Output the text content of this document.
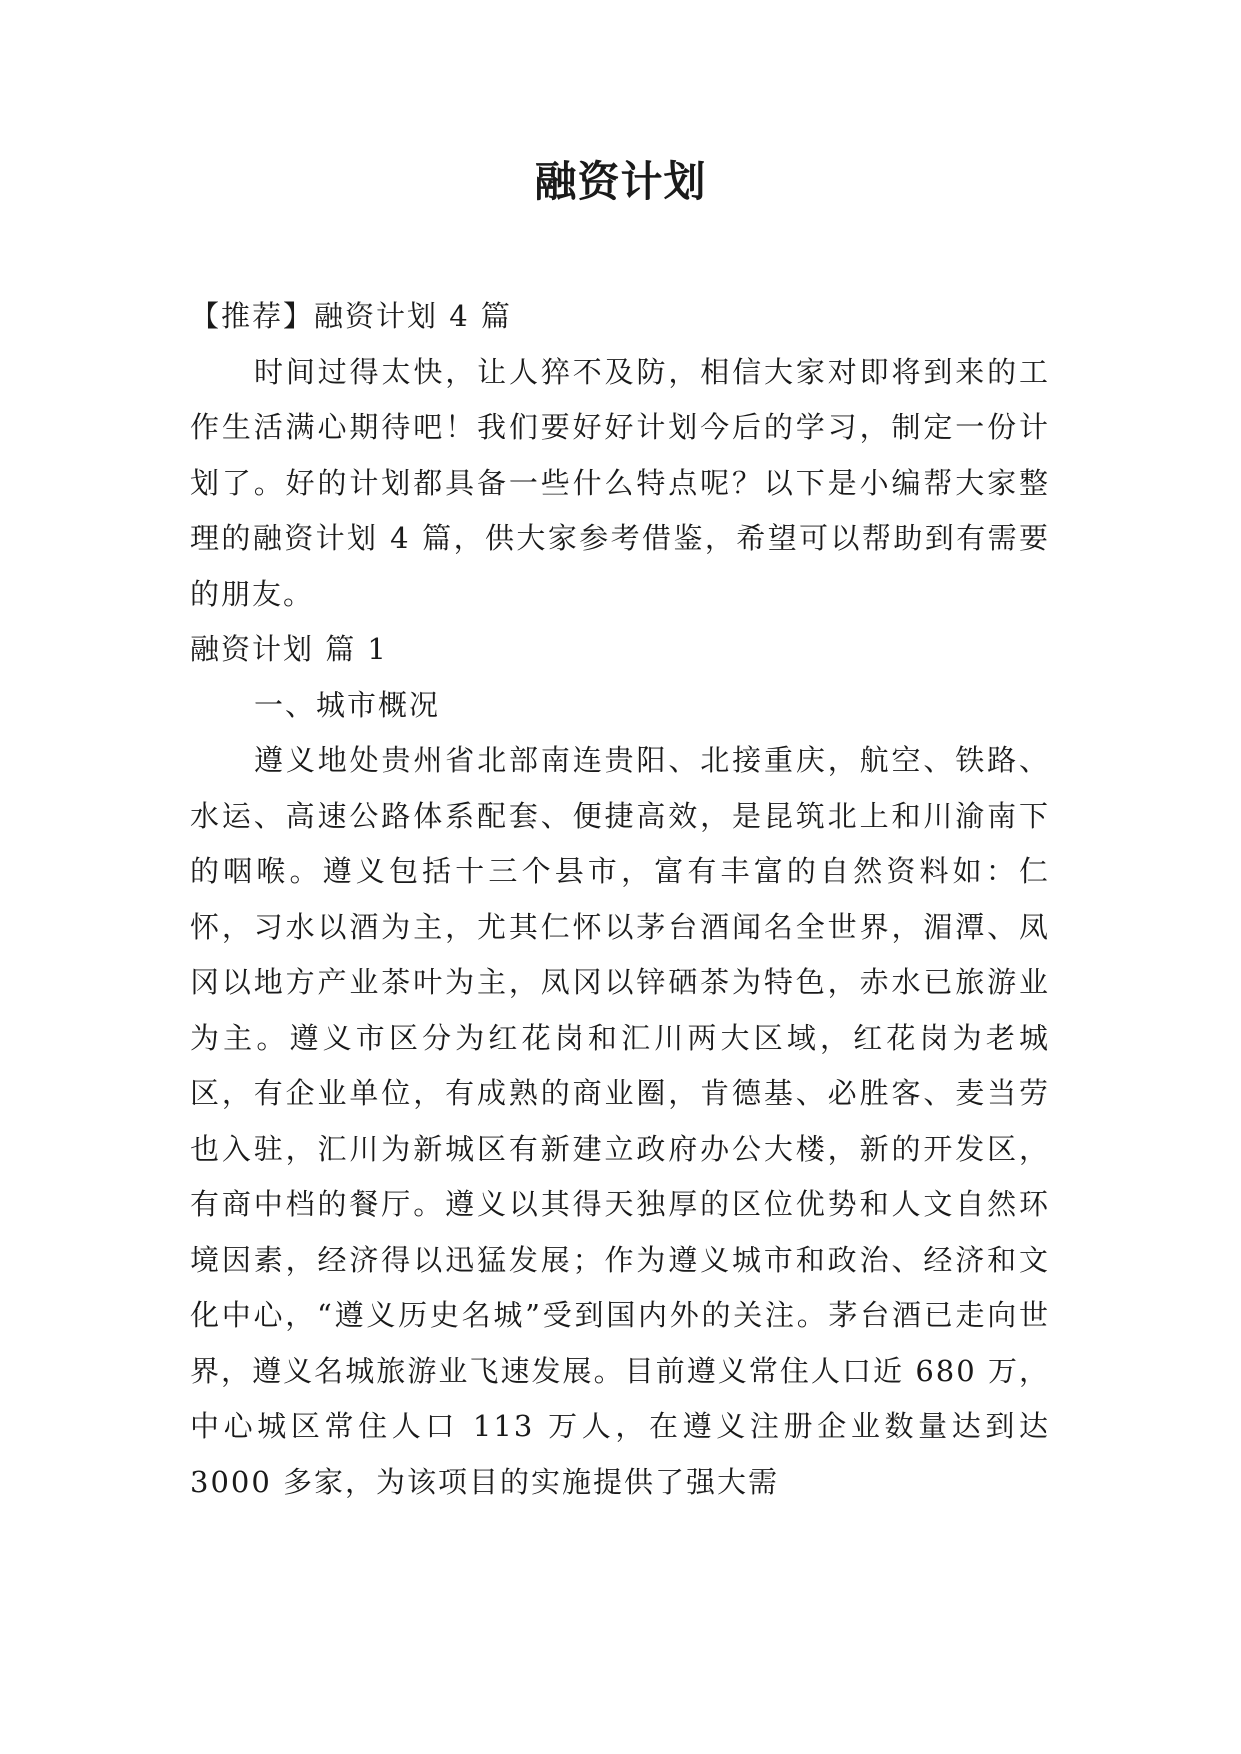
融资计划

【推荐】融资计划 4 篇

时间过得太快，让人猝不及防，相信大家对即将到来的工作生活满心期待吧！我们要好好计划今后的学习，制定一份计划了。好的计划都具备一些什么特点呢？以下是小编帮大家整理的融资计划 4 篇，供大家参考借鉴，希望可以帮助到有需要的朋友。

融资计划 篇 1

一、城市概况

遵义地处贵州省北部南连贵阳、北接重庆，航空、铁路、水运、高速公路体系配套、便捷高效，是昆筑北上和川渝南下的咽喉。遵义包括十三个县市，富有丰富的自然资料如：仁怀，习水以酒为主，尤其仁怀以茅台酒闻名全世界，湄潭、凤冈以地方产业茶叶为主，凤冈以锌硒茶为特色，赤水已旅游业为主。遵义市区分为红花岗和汇川两大区域，红花岗为老城区，有企业单位，有成熟的商业圈，肯德基、必胜客、麦当劳也入驻，汇川为新城区有新建立政府办公大楼，新的开发区，有商中档的餐厅。遵义以其得天独厚的区位优势和人文自然环境因素，经济得以迅猛发展；作为遵义城市和政治、经济和文化中心，“遵义历史名城”受到国内外的关注。茅台酒已走向世界，遵义名城旅游业飞速发展。目前遵义常住人口近 680 万，中心城区常住人口 113 万人，在遵义注册企业数量达到达 3000 多家，为该项目的实施提供了强大需
